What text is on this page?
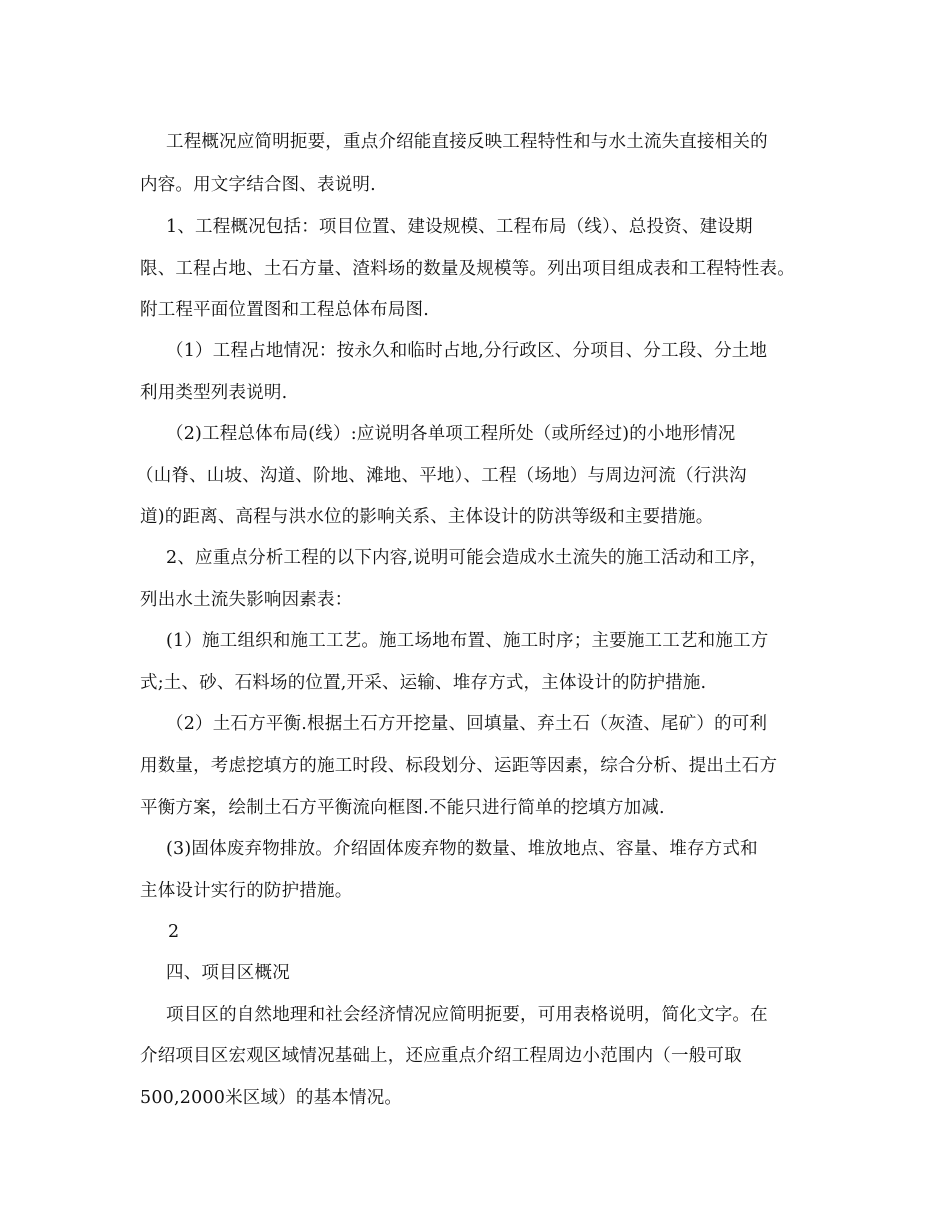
工程概况应简明扼要，重点介绍能直接反映工程特性和与水土流失直接相关的
内容。用文字结合图、表说明.
1、工程概况包括：项目位置、建设规模、工程布局（线）、总投资、建设期
限、工程占地、土石方量、渣料场的数量及规模等。列出项目组成表和工程特性表。
附工程平面位置图和工程总体布局图.
（1）工程占地情况：按永久和临时占地,分行政区、分项目、分工段、分土地
利用类型列表说明.
（2)工程总体布局(线）:应说明各单项工程所处（或所经过)的小地形情况
（山脊、山坡、沟道、阶地、滩地、平地）、工程（场地）与周边河流（行洪沟
道)的距离、高程与洪水位的影响关系、主体设计的防洪等级和主要措施。
2、应重点分析工程的以下内容,说明可能会造成水土流失的施工活动和工序，
列出水土流失影响因素表：
(1）施工组织和施工工艺。施工场地布置、施工时序；主要施工工艺和施工方
式;土、砂、石料场的位置,开采、运输、堆存方式，主体设计的防护措施.
（2）土石方平衡.根据土石方开挖量、回填量、弃土石（灰渣、尾矿）的可利
用数量，考虑挖填方的施工时段、标段划分、运距等因素，综合分析、提出土石方
平衡方案，绘制土石方平衡流向框图.不能只进行简单的挖填方加减.
(3)固体废弃物排放。介绍固体废弃物的数量、堆放地点、容量、堆存方式和
主体设计实行的防护措施。
2
四、项目区概况
项目区的自然地理和社会经济情况应简明扼要，可用表格说明，简化文字。在
介绍项目区宏观区域情况基础上，还应重点介绍工程周边小范围内（一般可取
500,2000米区域）的基本情况。
